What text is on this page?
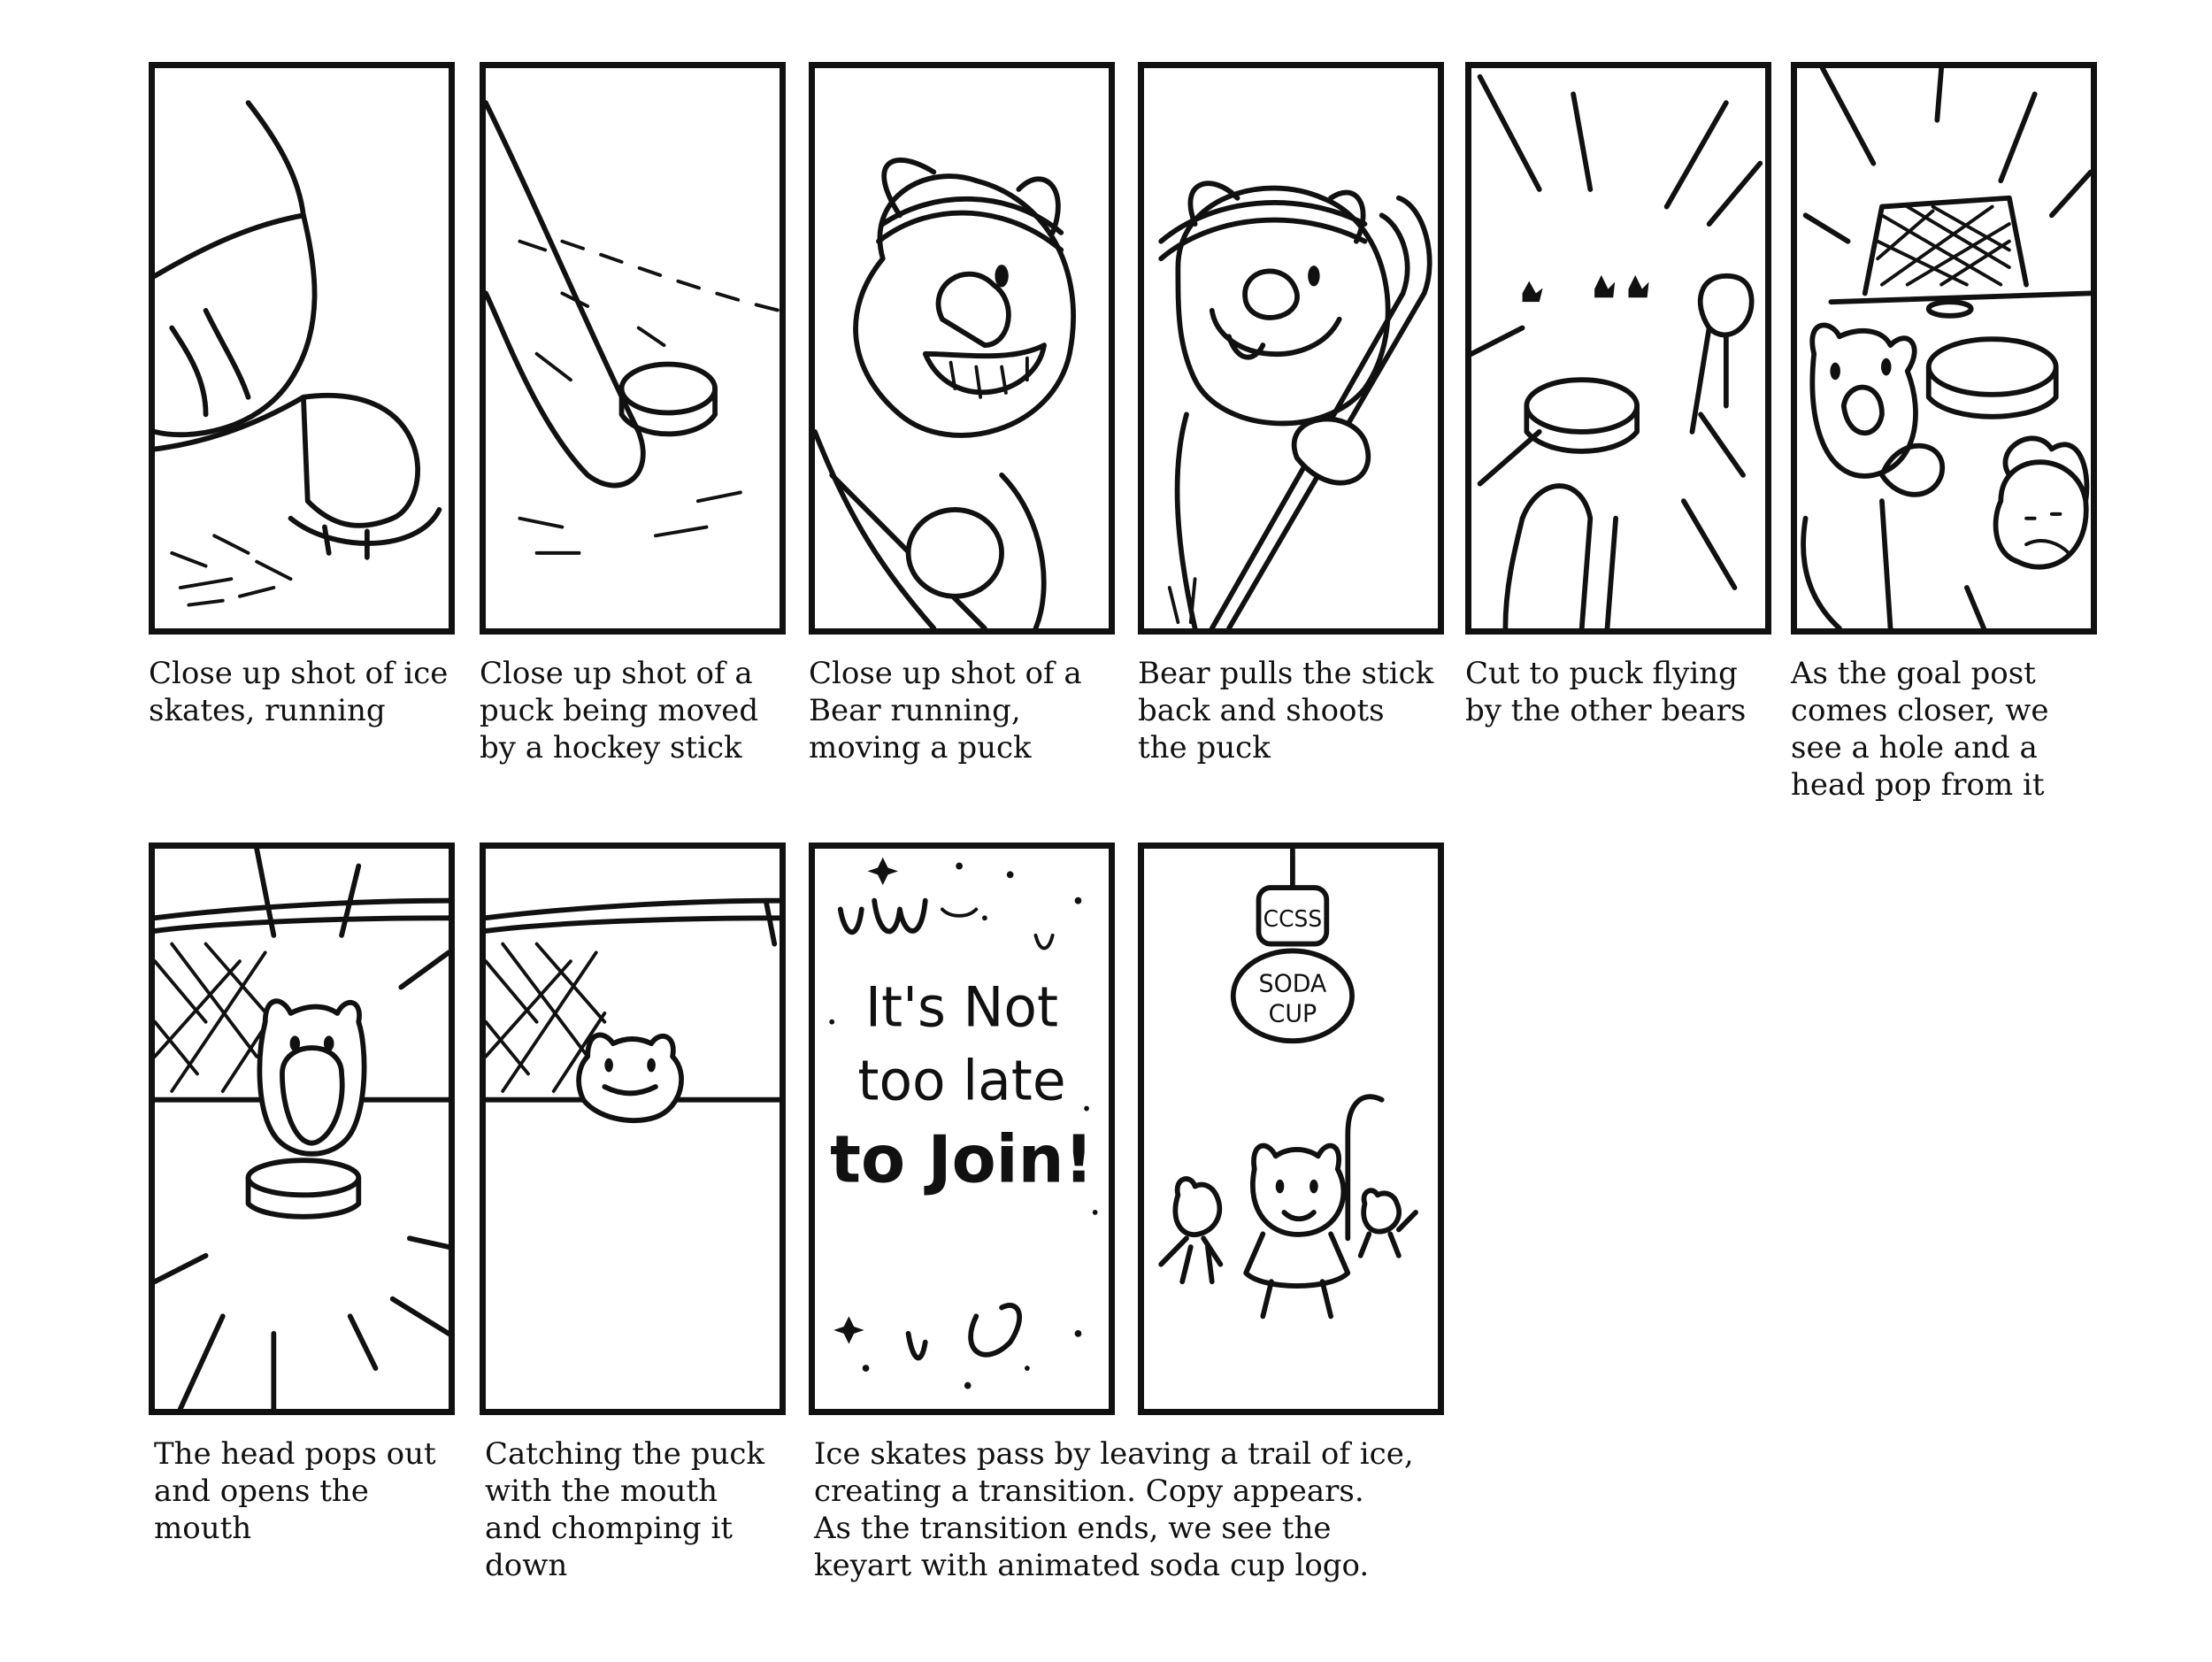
Close up shot of ice
skates, running
Close up shot of a
puck being moved
by a hockey stick
Close up shot of a
Bear running,
moving a puck
Bear pulls the stick
back and shoots
the puck
Cut to puck flying
by the other bears
As the goal post
comes closer, we
see a hole and a
head pop from it
The head pops out
and opens the
mouth
Catching the puck
with the mouth
and chomping it
down
It's Not
too late
to Join!
Ice skates pass by leaving a trail of ice,
creating a transition. Copy appears.
As the transition ends, we see the
keyart with animated soda cup logo.
CCSS
SODA
CUP
